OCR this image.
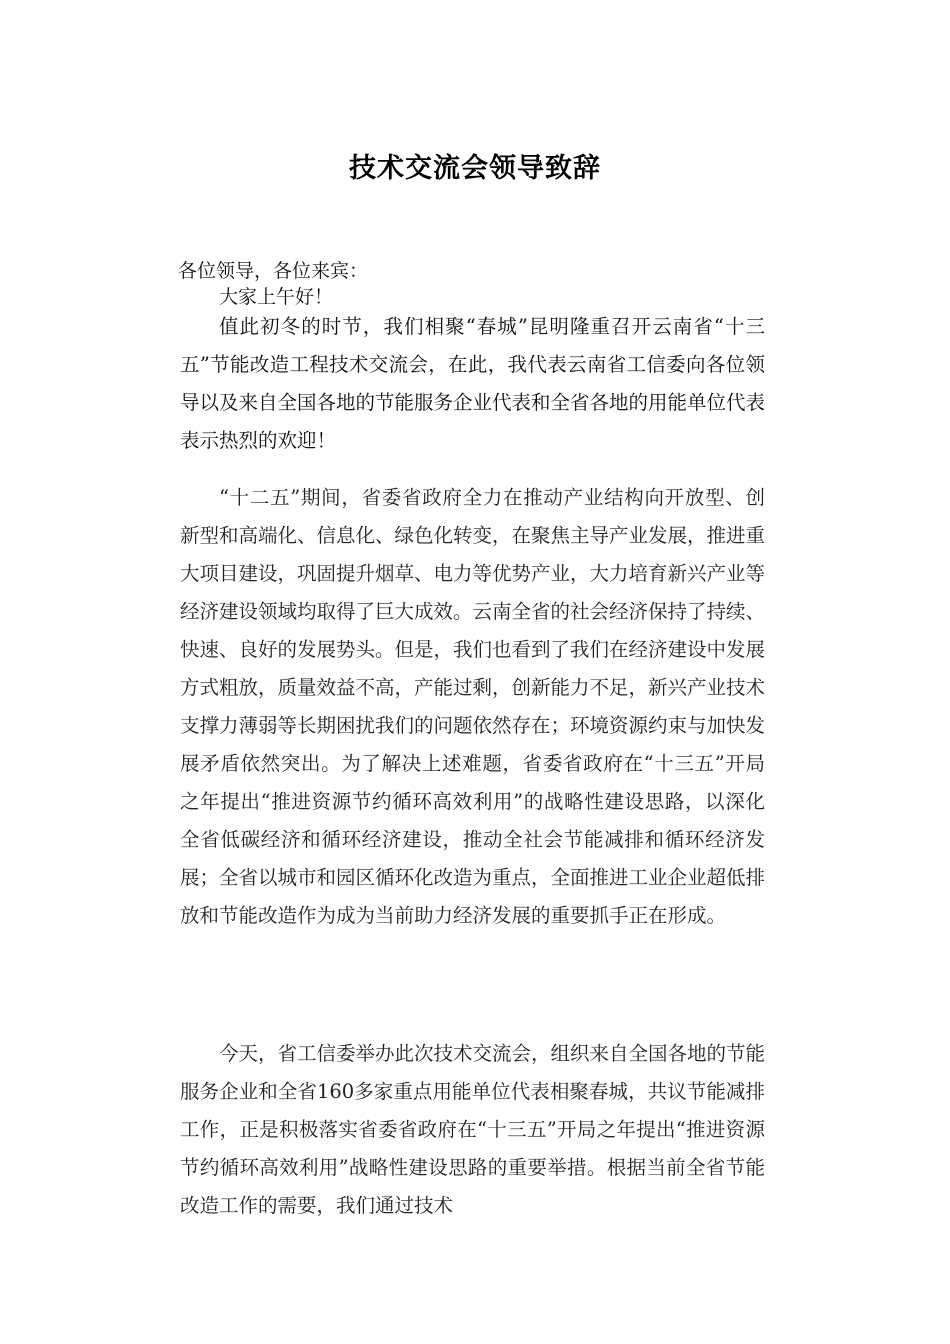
技术交流会领导致辞
各位领导，各位来宾：
大家上午好！

值此初冬的时节，我们相聚“春城”昆明隆重召开云南省“十三五”节能改造工程技术交流会，在此，我代表云南省工信委向各位领导以及来自全国各地的节能服务企业代表和全省各地的用能单位代表表示热烈的欢迎！

“十二五”期间，省委省政府全力在推动产业结构向开放型、创新型和高端化、信息化、绿色化转变，在聚焦主导产业发展，推进重大项目建设，巩固提升烟草、电力等优势产业，大力培育新兴产业等经济建设领域均取得了巨大成效。云南全省的社会经济保持了持续、快速、良好的发展势头。但是，我们也看到了我们在经济建设中发展方式粗放，质量效益不高，产能过剩，创新能力不足，新兴产业技术支撑力薄弱等长期困扰我们的问题依然存在；环境资源约束与加快发展矛盾依然突出。为了解决上述难题，省委省政府在“十三五”开局之年提出“推进资源节约循环高效利用”的战略性建设思路，以深化全省低碳经济和循环经济建设，推动全社会节能减排和循环经济发展；全省以城市和园区循环化改造为重点，全面推进工业企业超低排放和节能改造作为成为当前助力经济发展的重要抓手正在形成。

今天，省工信委举办此次技术交流会，组织来自全国各地的节能服务企业和全省160多家重点用能单位代表相聚春城，共议节能减排工作，正是积极落实省委省政府在“十三五”开局之年提出“推进资源节约循环高效利用”战略性建设思路的重要举措。根据当前全省节能改造工作的需要，我们通过技术
